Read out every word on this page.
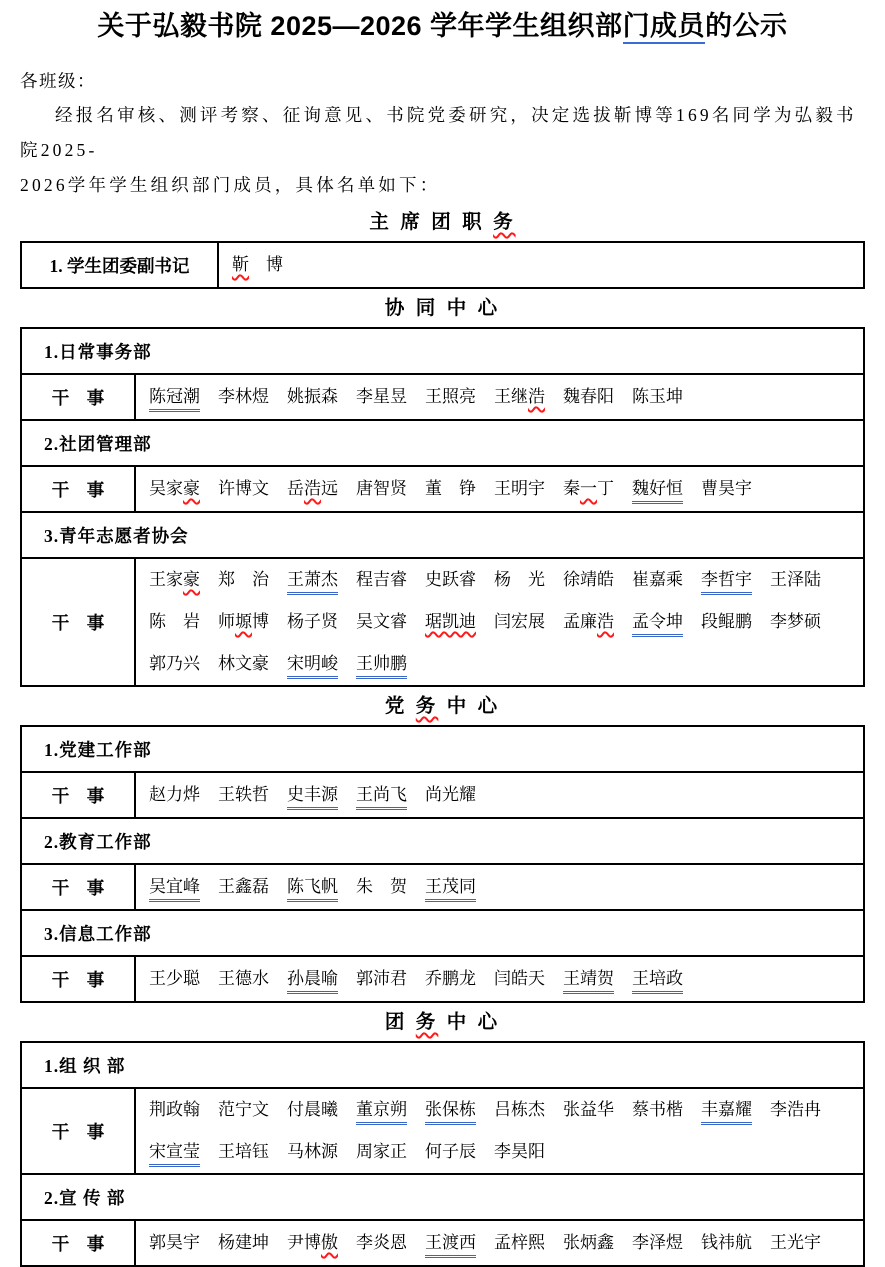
关于弘毅书院 2025—2026 学年学生组织部门成员的公示
各班级：
经报名审核、测评考察、征询意见、书院党委研究，决定选拔靳博等169名同学为弘毅书院2025-
2026学年学生组织部门成员，具体名单如下：
主 席 团 职 务
1. 学生团委副书记	靳　博
协 同 中 心
1.日常事务部	
干　事	陈冠潮 李林煜 姚振森 李星昱 王照亮 王继浩 魏春阳 陈玉坤
2.社团管理部	
干　事	吴家豪 许博文 岳浩远 唐智贤 董　铮 王明宇 秦一丁 魏好恒 曹昊宇
3.青年志愿者协会	
干　事	王家豪 郑　治 王萧杰 程吉睿 史跃睿 杨　光 徐靖皓 崔嘉乘 李哲宇 王泽陆陈　岩 师塬博 杨子贤 吴文睿 琚凯迪 闫宏展 孟廉浩 孟令坤 段鲲鹏 李梦硕郭乃兴 林文豪 宋明峻 王帅鹏
党 务 中 心
1.党建工作部	
干　事	赵力烨 王轶哲 史丰源 王尚飞 尚光耀
2.教育工作部	
干　事	吴宜峰 王鑫磊 陈飞帆 朱　贺 王茂同
3.信息工作部	
干　事	王少聪 王德水 孙晨喻 郭沛君 乔鹏龙 闫皓天 王靖贺 王培政
团 务 中 心
1.组 织 部	
干　事	荆政翰 范宁文 付晨曦 董京朔 张保栋 吕栋杰 张益华 蔡书楷 丰嘉耀 李浩冉宋宣莹 王培钰 马林源 周家正 何子辰 李昊阳
2.宣 传 部	
干　事	郭昊宇 杨建坤 尹博傲 李炎恩 王渡西 孟梓熙 张炳鑫 李泽煜 钱祎航 王光宇
